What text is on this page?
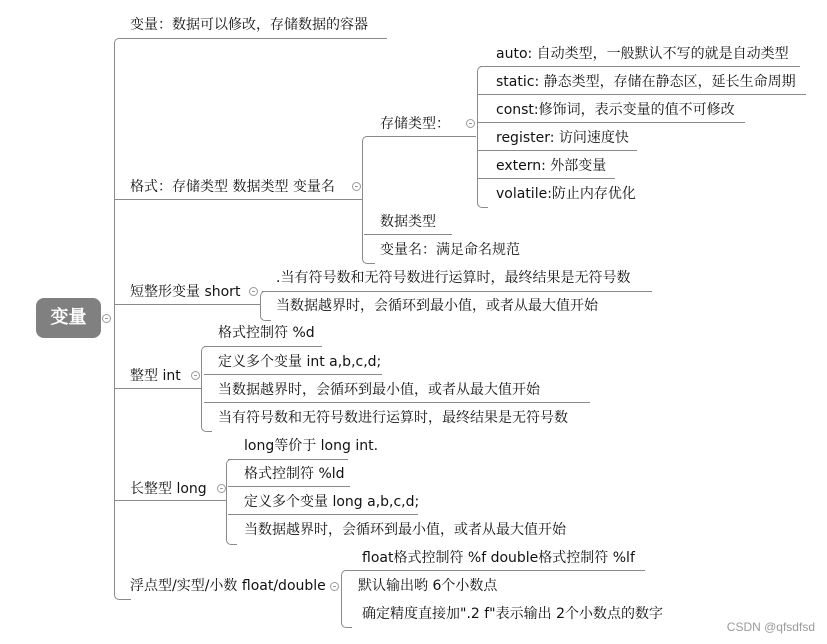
变量
变量：数据可以修改，存储数据的容器
格式：存储类型 数据类型 变量名
存储类型：
auto: 自动类型，一般默认不写的就是自动类型
static: 静态类型，存储在静态区，延长生命周期
const:修饰词，表示变量的值不可修改
register: 访问速度快
extern: 外部变量
volatile:防止内存优化
数据类型
变量名：满足命名规范
短整形变量 short
.当有符号数和无符号数进行运算时，最终结果是无符号数
当数据越界时，会循环到最小值，或者从最大值开始
整型 int
格式控制符 %d
定义多个变量 int a,b,c,d;
当数据越界时，会循环到最小值，或者从最大值开始
当有符号数和无符号数进行运算时，最终结果是无符号数
长整型 long
long等价于 long int.
格式控制符 %ld
定义多个变量 long a,b,c,d;
当数据越界时，会循环到最小值，或者从最大值开始
浮点型/实型/小数 float/double
float格式控制符 %f double格式控制符 %lf
默认输出哟 6个小数点
确定精度直接加".2 f"表示输出 2个小数点的数字
CSDN @qfsdfsd
